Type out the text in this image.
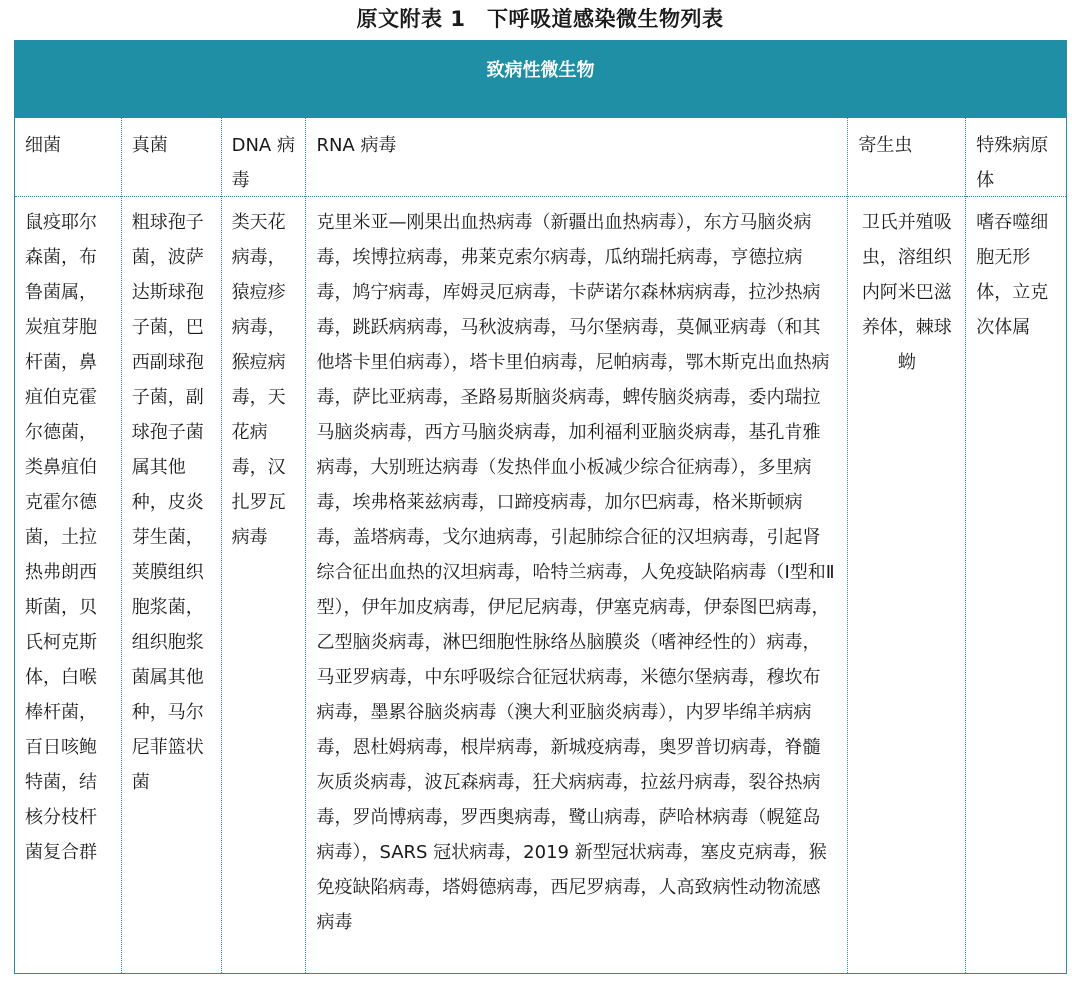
原文附表 1　下呼吸道感染微生物列表
致病性微生物
细菌
鼠疫耶尔森菌，布鲁菌属，炭疽芽胞杆菌，鼻疽伯克霍尔德菌，类鼻疽伯克霍尔德菌，土拉热弗朗西斯菌，贝氏柯克斯体，白喉棒杆菌，百日咳鲍特菌，结核分枝杆菌复合群
真菌
粗球孢子菌，波萨达斯球孢子菌，巴西副球孢子菌，副球孢子菌属其他种，皮炎芽生菌，荚膜组织胞浆菌，组织胞浆菌属其他种，马尔尼菲篮状菌
DNA 病毒
类天花病毒，猿痘疹病毒，猴痘病毒，天花病毒，汉扎罗瓦病毒
RNA 病毒
克里米亚—刚果出血热病毒（新疆出血热病毒），东方马脑炎病毒，埃博拉病毒，弗莱克索尔病毒，瓜纳瑞托病毒，亨德拉病毒，鸠宁病毒，库姆灵厄病毒，卡萨诺尔森林病病毒，拉沙热病毒，跳跃病病毒，马秋波病毒，马尔堡病毒，莫佩亚病毒（和其他塔卡里伯病毒），塔卡里伯病毒，尼帕病毒，鄂木斯克出血热病毒，萨比亚病毒，圣路易斯脑炎病毒，蜱传脑炎病毒，委内瑞拉马脑炎病毒，西方马脑炎病毒，加利福利亚脑炎病毒，基孔肯雅病毒，大别班达病毒（发热伴血小板减少综合征病毒），多里病毒，埃弗格莱兹病毒，口蹄疫病毒，加尔巴病毒，格米斯顿病毒，盖塔病毒，戈尔迪病毒，引起肺综合征的汉坦病毒，引起肾综合征出血热的汉坦病毒，哈特兰病毒，人免疫缺陷病毒（Ⅰ型和Ⅱ型），伊年加皮病毒，伊尼尼病毒，伊塞克病毒，伊泰图巴病毒，乙型脑炎病毒，淋巴细胞性脉络丛脑膜炎（嗜神经性的）病毒，马亚罗病毒，中东呼吸综合征冠状病毒，米德尔堡病毒，穆坎布病毒，墨累谷脑炎病毒（澳大利亚脑炎病毒），内罗毕绵羊病病毒，恩杜姆病毒，根岸病毒，新城疫病毒，奥罗普切病毒，脊髓灰质炎病毒，波瓦森病毒，狂犬病病毒，拉兹丹病毒，裂谷热病毒，罗尚博病毒，罗西奥病毒，鹭山病毒，萨哈林病毒（幌筵岛病毒），SARS 冠状病毒，2019 新型冠状病毒，塞皮克病毒，猴免疫缺陷病毒，塔姆德病毒，西尼罗病毒，人高致病性动物流感病毒
寄生虫
卫氏并殖吸虫，溶组织内阿米巴滋养体，棘球蚴
特殊病原体
嗜吞噬细胞无形体，立克次体属
